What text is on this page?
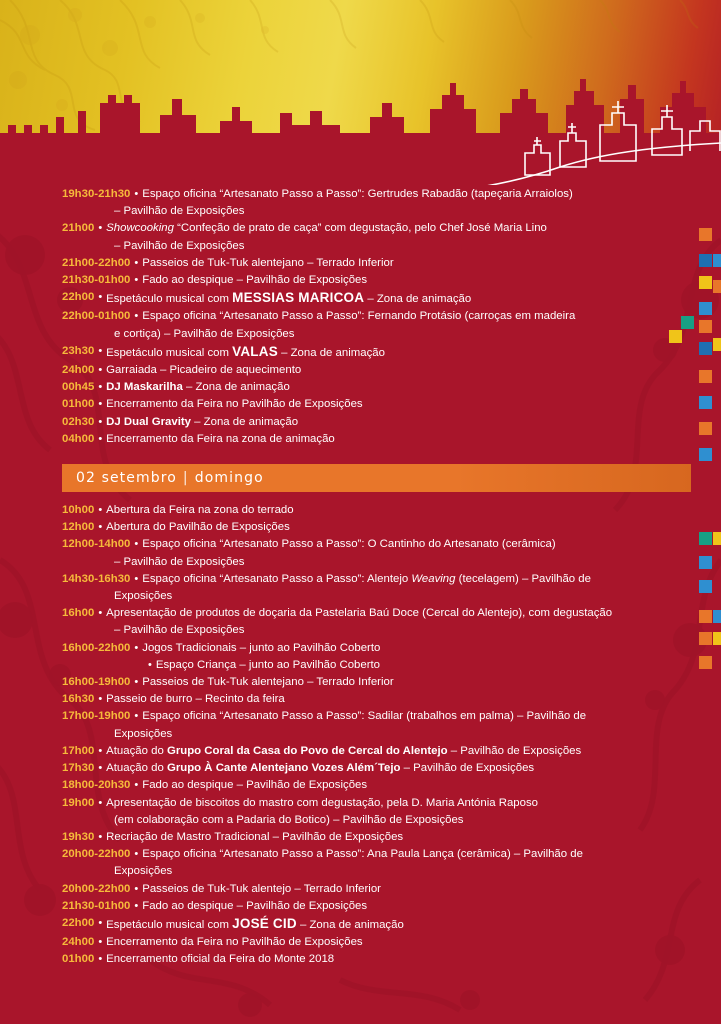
19h30-21h30 • Espaço oficina “Artesanato Passo a Passo”: Gertrudes Rabadão (tapeçaria Arraiolos)
– Pavilhão de Exposições
21h00 • Showcooking “Confeção de prato de caça” com degustação, pelo Chef José Maria Lino
– Pavilhão de Exposições
21h00-22h00 • Passeios de Tuk-Tuk alentejano – Terrado Inferior
21h30-01h00 • Fado ao despique – Pavilhão de Exposições
22h00 • Espetáculo musical com MESSIAS MARICOA – Zona de animação
22h00-01h00 • Espaço oficina “Artesanato Passo a Passo”: Fernando Protásio (carroças em madeira
e cortiça) – Pavilhão de Exposições
23h30 • Espetáculo musical com VALAS – Zona de animação
24h00 • Garraiada – Picadeiro de aquecimento
00h45 • DJ Maskarilha – Zona de animação
01h00 • Encerramento da Feira no Pavilhão de Exposições
02h30 • DJ Dual Gravity – Zona de animação
04h00 • Encerramento da Feira na zona de animação
02 setembro | domingo
10h00 • Abertura da Feira na zona do terrado
12h00 • Abertura do Pavilhão de Exposições
12h00-14h00 • Espaço oficina “Artesanato Passo a Passo”: O Cantinho do Artesanato (cerâmica)
– Pavilhão de Exposições
14h30-16h30 • Espaço oficina “Artesanato Passo a Passo”: Alentejo Weaving (tecelagem) – Pavilhão de
Exposições
16h00 • Apresentação de produtos de doçaria da Pastelaria Baú Doce (Cercal do Alentejo), com degustação
– Pavilhão de Exposições
16h00-22h00 • Jogos Tradicionais – junto ao Pavilhão Coberto
• Espaço Criança – junto ao Pavilhão Coberto
16h00-19h00 • Passeios de Tuk-Tuk alentejano – Terrado Inferior
16h30 • Passeio de burro – Recinto da feira
17h00-19h00 • Espaço oficina “Artesanato Passo a Passo”: Sadilar (trabalhos em palma) – Pavilhão de
Exposições
17h00 • Atuação do Grupo Coral da Casa do Povo de Cercal do Alentejo – Pavilhão de Exposições
17h30 • Atuação do Grupo À Cante Alentejano Vozes Além´Tejo – Pavilhão de Exposições
18h00-20h30 • Fado ao despique – Pavilhão de Exposições
19h00 • Apresentação de biscoitos do mastro com degustação, pela D. Maria Antónia Raposo
(em colaboração com a Padaria do Botico) – Pavilhão de Exposições
19h30 • Recriação de Mastro Tradicional – Pavilhão de Exposições
20h00-22h00 • Espaço oficina “Artesanato Passo a Passo”: Ana Paula Lança (cerâmica) – Pavilhão de
Exposições
20h00-22h00 • Passeios de Tuk-Tuk alentejo – Terrado Inferior
21h30-01h00 • Fado ao despique – Pavilhão de Exposições
22h00 • Espetáculo musical com JOSÉ CID – Zona de animação
24h00 • Encerramento da Feira no Pavilhão de Exposições
01h00 • Encerramento oficial da Feira do Monte 2018
